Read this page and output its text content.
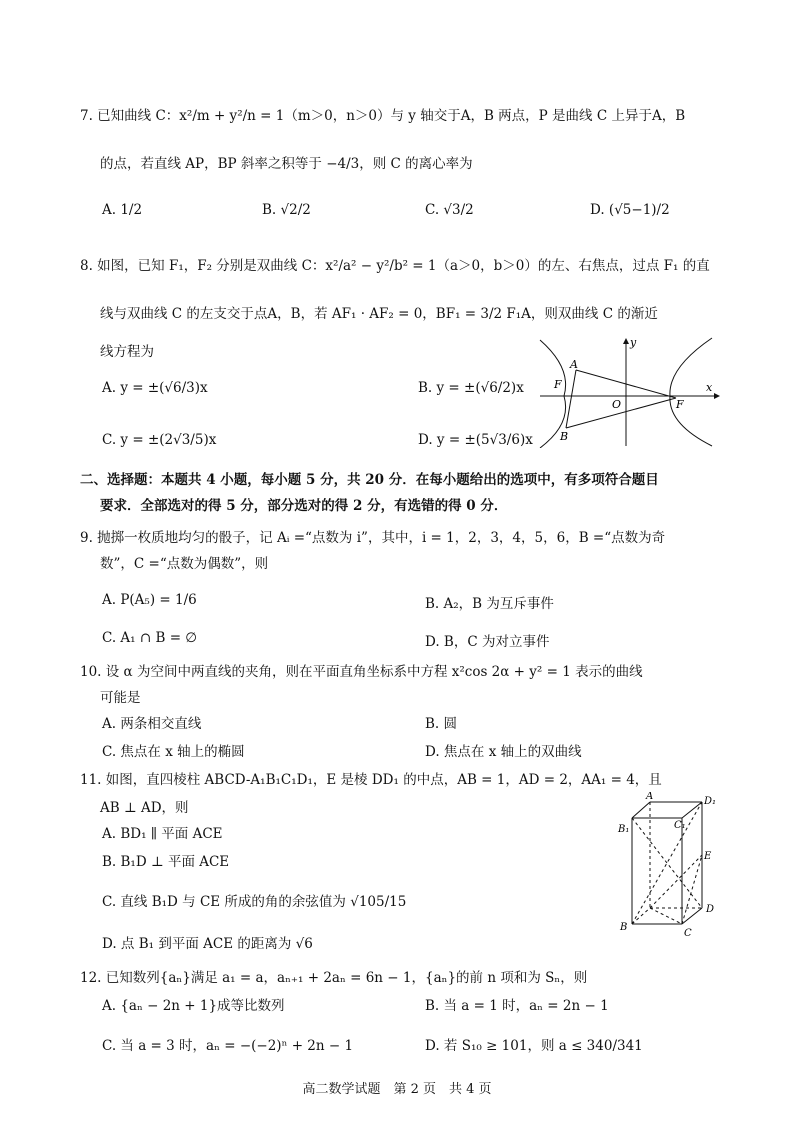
7. 已知曲线 C：x²/m + y²/n = 1（m＞0，n＞0）与 y 轴交于A，B 两点，P 是曲线 C 上异于A，B
的点，若直线 AP，BP 斜率之积等于 −4/3，则 C 的离心率为
A. 1/2	B. √2/2	C. √3/2	D. (√5−1)/2
8. 如图，已知 F₁，F₂ 分别是双曲线 C：x²/a² − y²/b² = 1（a＞0，b＞0）的左、右焦点，过点 F₁ 的直
线与双曲线 C 的左支交于点A，B，若 AF₁ · AF₂ = 0，BF₁ = 3/2 F₁A，则双曲线 C 的渐近
线方程为
A. y = ±(√6/3)x	B. y = ±(√6/2)x
C. y = ±(2√3/5)x	D. y = ±(5√3/6)x
y
x
A
B
F
F
O
二、选择题：本题共 4 小题，每小题 5 分，共 20 分．在每小题给出的选项中，有多项符合题目
要求．全部选对的得 5 分，部分选对的得 2 分，有选错的得 0 分．
9. 抛掷一枚质地均匀的骰子，记 Aᵢ =“点数为 i”，其中，i = 1，2，3，4，5，6，B =“点数为奇
数”，C =“点数为偶数”，则
A. P(A₅) = 1/6	B. A₂，B 为互斥事件
C. A₁ ∩ B = ∅	D. B，C 为对立事件
10. 设 α 为空间中两直线的夹角，则在平面直角坐标系中方程 x²cos 2α + y² = 1 表示的曲线
可能是
A. 两条相交直线	B. 圆
C. 焦点在 x 轴上的椭圆	D. 焦点在 x 轴上的双曲线
11. 如图，直四棱柱 ABCD-A₁B₁C₁D₁，E 是棱 DD₁ 的中点，AB = 1，AD = 2，AA₁ = 4，且
AB ⊥ AD，则
A. BD₁ ∥ 平面 ACE
B. B₁D ⊥ 平面 ACE
C. 直线 B₁D 与 CE 所成的角的余弦值为 √105/15
D. 点 B₁ 到平面 ACE 的距离为 √6
A	D₁
B₁	C₁
E
D
B
C
12. 已知数列{aₙ}满足 a₁ = a，aₙ₊₁ + 2aₙ = 6n − 1，{aₙ}的前 n 项和为 Sₙ，则
A. {aₙ − 2n + 1}成等比数列	B. 当 a = 1 时，aₙ = 2n − 1
C. 当 a = 3 时，aₙ = −(−2)ⁿ + 2n − 1	D. 若 S₁₀ ≥ 101，则 a ≤ 340/341
高二数学试题　第 2 页　共 4 页
